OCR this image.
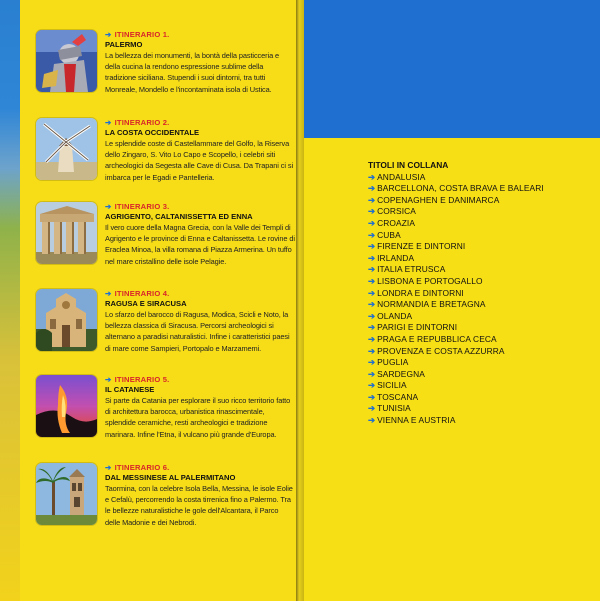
➔ ITINERARIO 1.
PALERMO
La bellezza dei monumenti, la bontà della pasticceria e della cucina la rendono espressione sublime della tradizione siciliana. Stupendi i suoi dintorni, tra tutti Monreale, Mondello e l'incontaminata isola di Ustica.
➔ ITINERARIO 2.
LA COSTA OCCIDENTALE
Le splendide coste di Castellammare del Golfo, la Riserva dello Zingaro, S. Vito Lo Capo e Scopello, i celebri siti archeologici da Segesta alle Cave di Cusa. Da Trapani ci si imbarca per le Egadi e Pantelleria.
➔ ITINERARIO 3.
AGRIGENTO, CALTANISSETTA ED ENNA
Il vero cuore della Magna Grecia, con la Valle dei Templi di Agrigento e le province di Enna e Caltanissetta. Le rovine di Eraclea Minoa, la villa romana di Piazza Armerina. Un tuffo nel mare cristallino delle isole Pelagie.
➔ ITINERARIO 4.
RAGUSA E SIRACUSA
Lo sfarzo del barocco di Ragusa, Modica, Scicli e Noto, la bellezza classica di Siracusa. Percorsi archeologici si alternano a paradisi naturalistici. Infine i caratteristici paesi di mare come Sampieri, Portopalo e Marzamemi.
➔ ITINERARIO 5.
IL CATANESE
Si parte da Catania per esplorare il suo ricco territorio fatto di architettura barocca, urbanistica rinascimentale, splendide ceramiche, resti archeologici e tradizione marinara. Infine l'Etna, il vulcano più grande d'Europa.
➔ ITINERARIO 6.
DAL MESSINESE AL PALERMITANO
Taormina, con la celebre Isola Bella, Messina, le isole Eolie e Cefalù, percorrendo la costa tirrenica fino a Palermo. Tra le bellezze naturalistiche le gole dell'Alcantara, il Parco delle Madonie e dei Nebrodi.
TITOLI IN COLLANA
➔ ANDALUSIA
➔ BARCELLONA, COSTA BRAVA E BALEARI
➔ COPENAGHEN E DANIMARCA
➔ CORSICA
➔ CROAZIA
➔ CUBA
➔ FIRENZE E DINTORNI
➔ IRLANDA
➔ ITALIA ETRUSCA
➔ LISBONA E PORTOGALLO
➔ LONDRA E DINTORNI
➔ NORMANDIA E BRETAGNA
➔ OLANDA
➔ PARIGI E DINTORNI
➔ PRAGA E REPUBBLICA CECA
➔ PROVENZA E COSTA AZZURRA
➔ PUGLIA
➔ SARDEGNA
➔ SICILIA
➔ TOSCANA
➔ TUNISIA
➔ VIENNA E AUSTRIA
